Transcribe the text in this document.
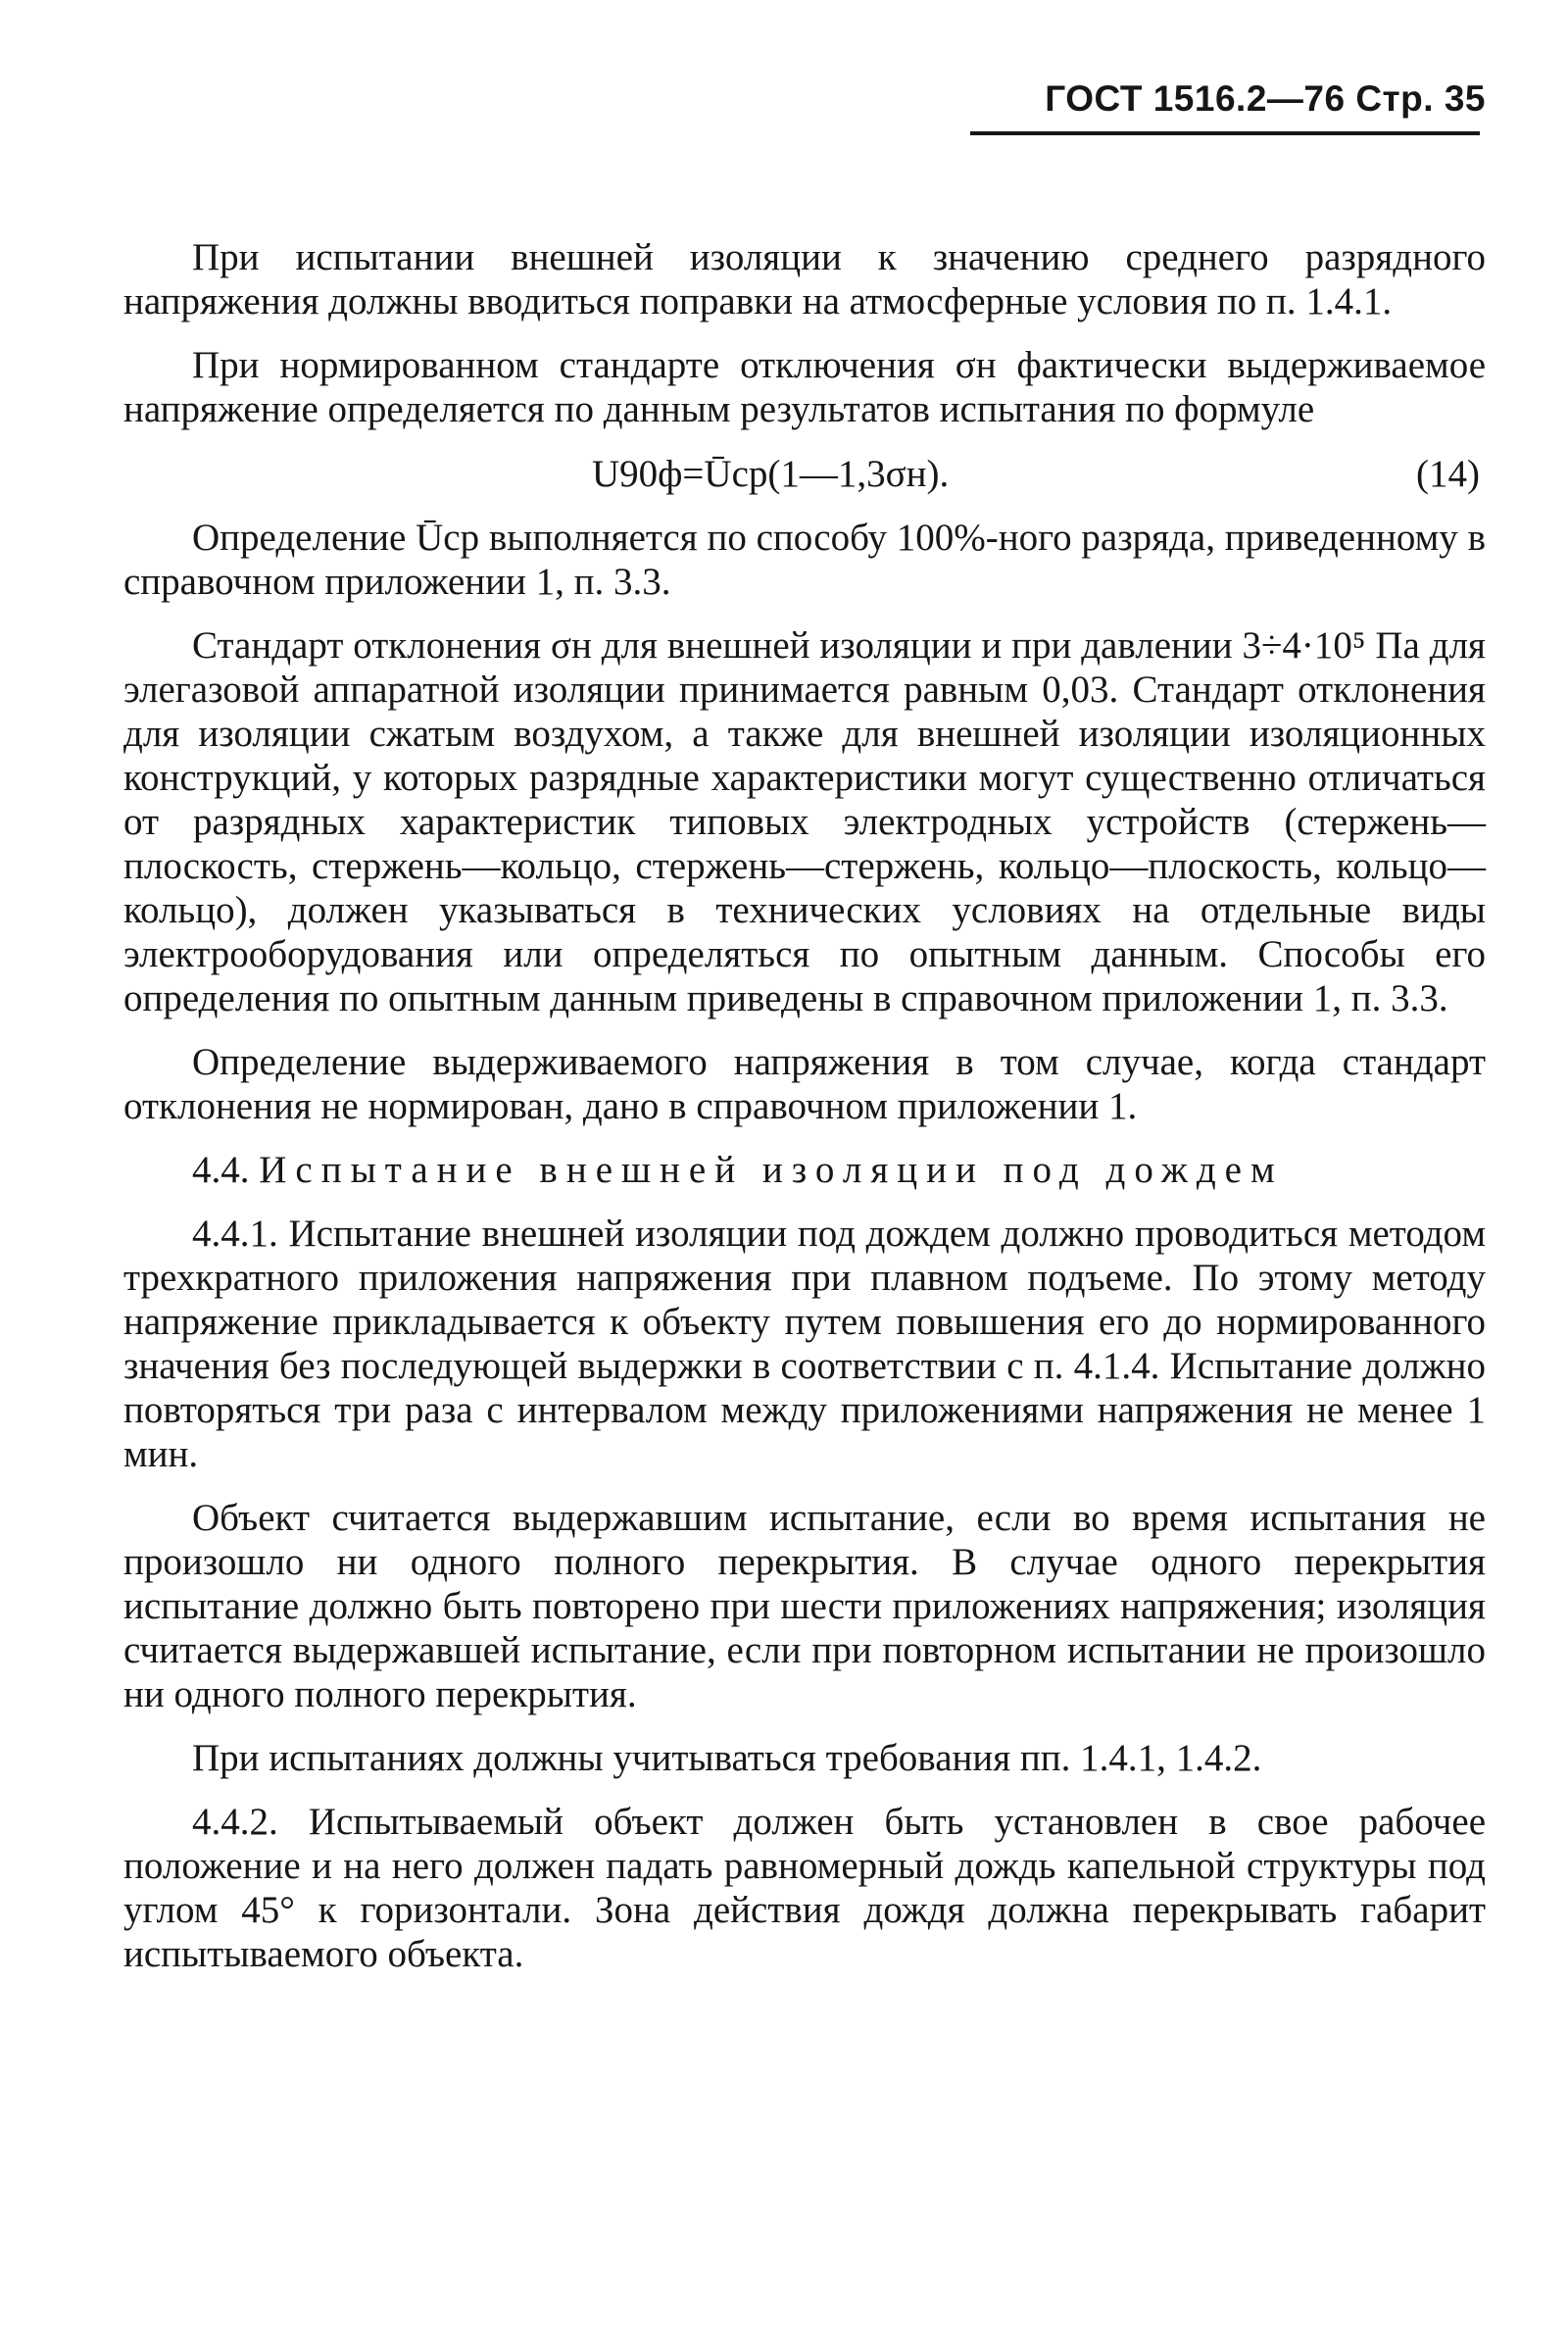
ГОСТ 1516.2—76 Стр. 35

При испытании внешней изоляции к значению среднего разрядного напряжения должны вводиться поправки на атмосферные условия по п. 1.4.1.

При нормированном стандарте отключения σн фактически выдерживаемое напряжение определяется по данным результатов испытания по формуле

U90ф=Ūср(1—1,3σн).	(14)

Определение Ūср выполняется по способу 100%-ного разряда, приведенному в справочном приложении 1, п. 3.3.

Стандарт отклонения σн для внешней изоляции и при давлении 3÷4·10⁵ Па для элегазовой аппаратной изоляции принимается равным 0,03. Стандарт отклонения для изоляции сжатым воздухом, а также для внешней изоляции изоляционных конструкций, у которых разрядные характеристики могут существенно отличаться от разрядных характеристик типовых электродных устройств (стержень—плоскость, стержень—кольцо, стержень—стержень, кольцо—плоскость, кольцо—кольцо), должен указываться в технических условиях на отдельные виды электрооборудования или определяться по опытным данным. Способы его определения по опытным данным приведены в справочном приложении 1, п. 3.3.

Определение выдерживаемого напряжения в том случае, когда стандарт отклонения не нормирован, дано в справочном приложении 1.

4.4. Испытание внешней изоляции под дождем

4.4.1. Испытание внешней изоляции под дождем должно проводиться методом трехкратного приложения напряжения при плавном подъеме. По этому методу напряжение прикладывается к объекту путем повышения его до нормированного значения без последующей выдержки в соответствии с п. 4.1.4. Испытание должно повторяться три раза с интервалом между приложениями напряжения не менее 1 мин.

Объект считается выдержавшим испытание, если во время испытания не произошло ни одного полного перекрытия. В случае одного перекрытия испытание должно быть повторено при шести приложениях напряжения; изоляция считается выдержавшей испытание, если при повторном испытании не произошло ни одного полного перекрытия.

При испытаниях должны учитываться требования пп. 1.4.1, 1.4.2.

4.4.2. Испытываемый объект должен быть установлен в свое рабочее положение и на него должен падать равномерный дождь капельной структуры под углом 45° к горизонтали. Зона действия дождя должна перекрывать габарит испытываемого объекта.
